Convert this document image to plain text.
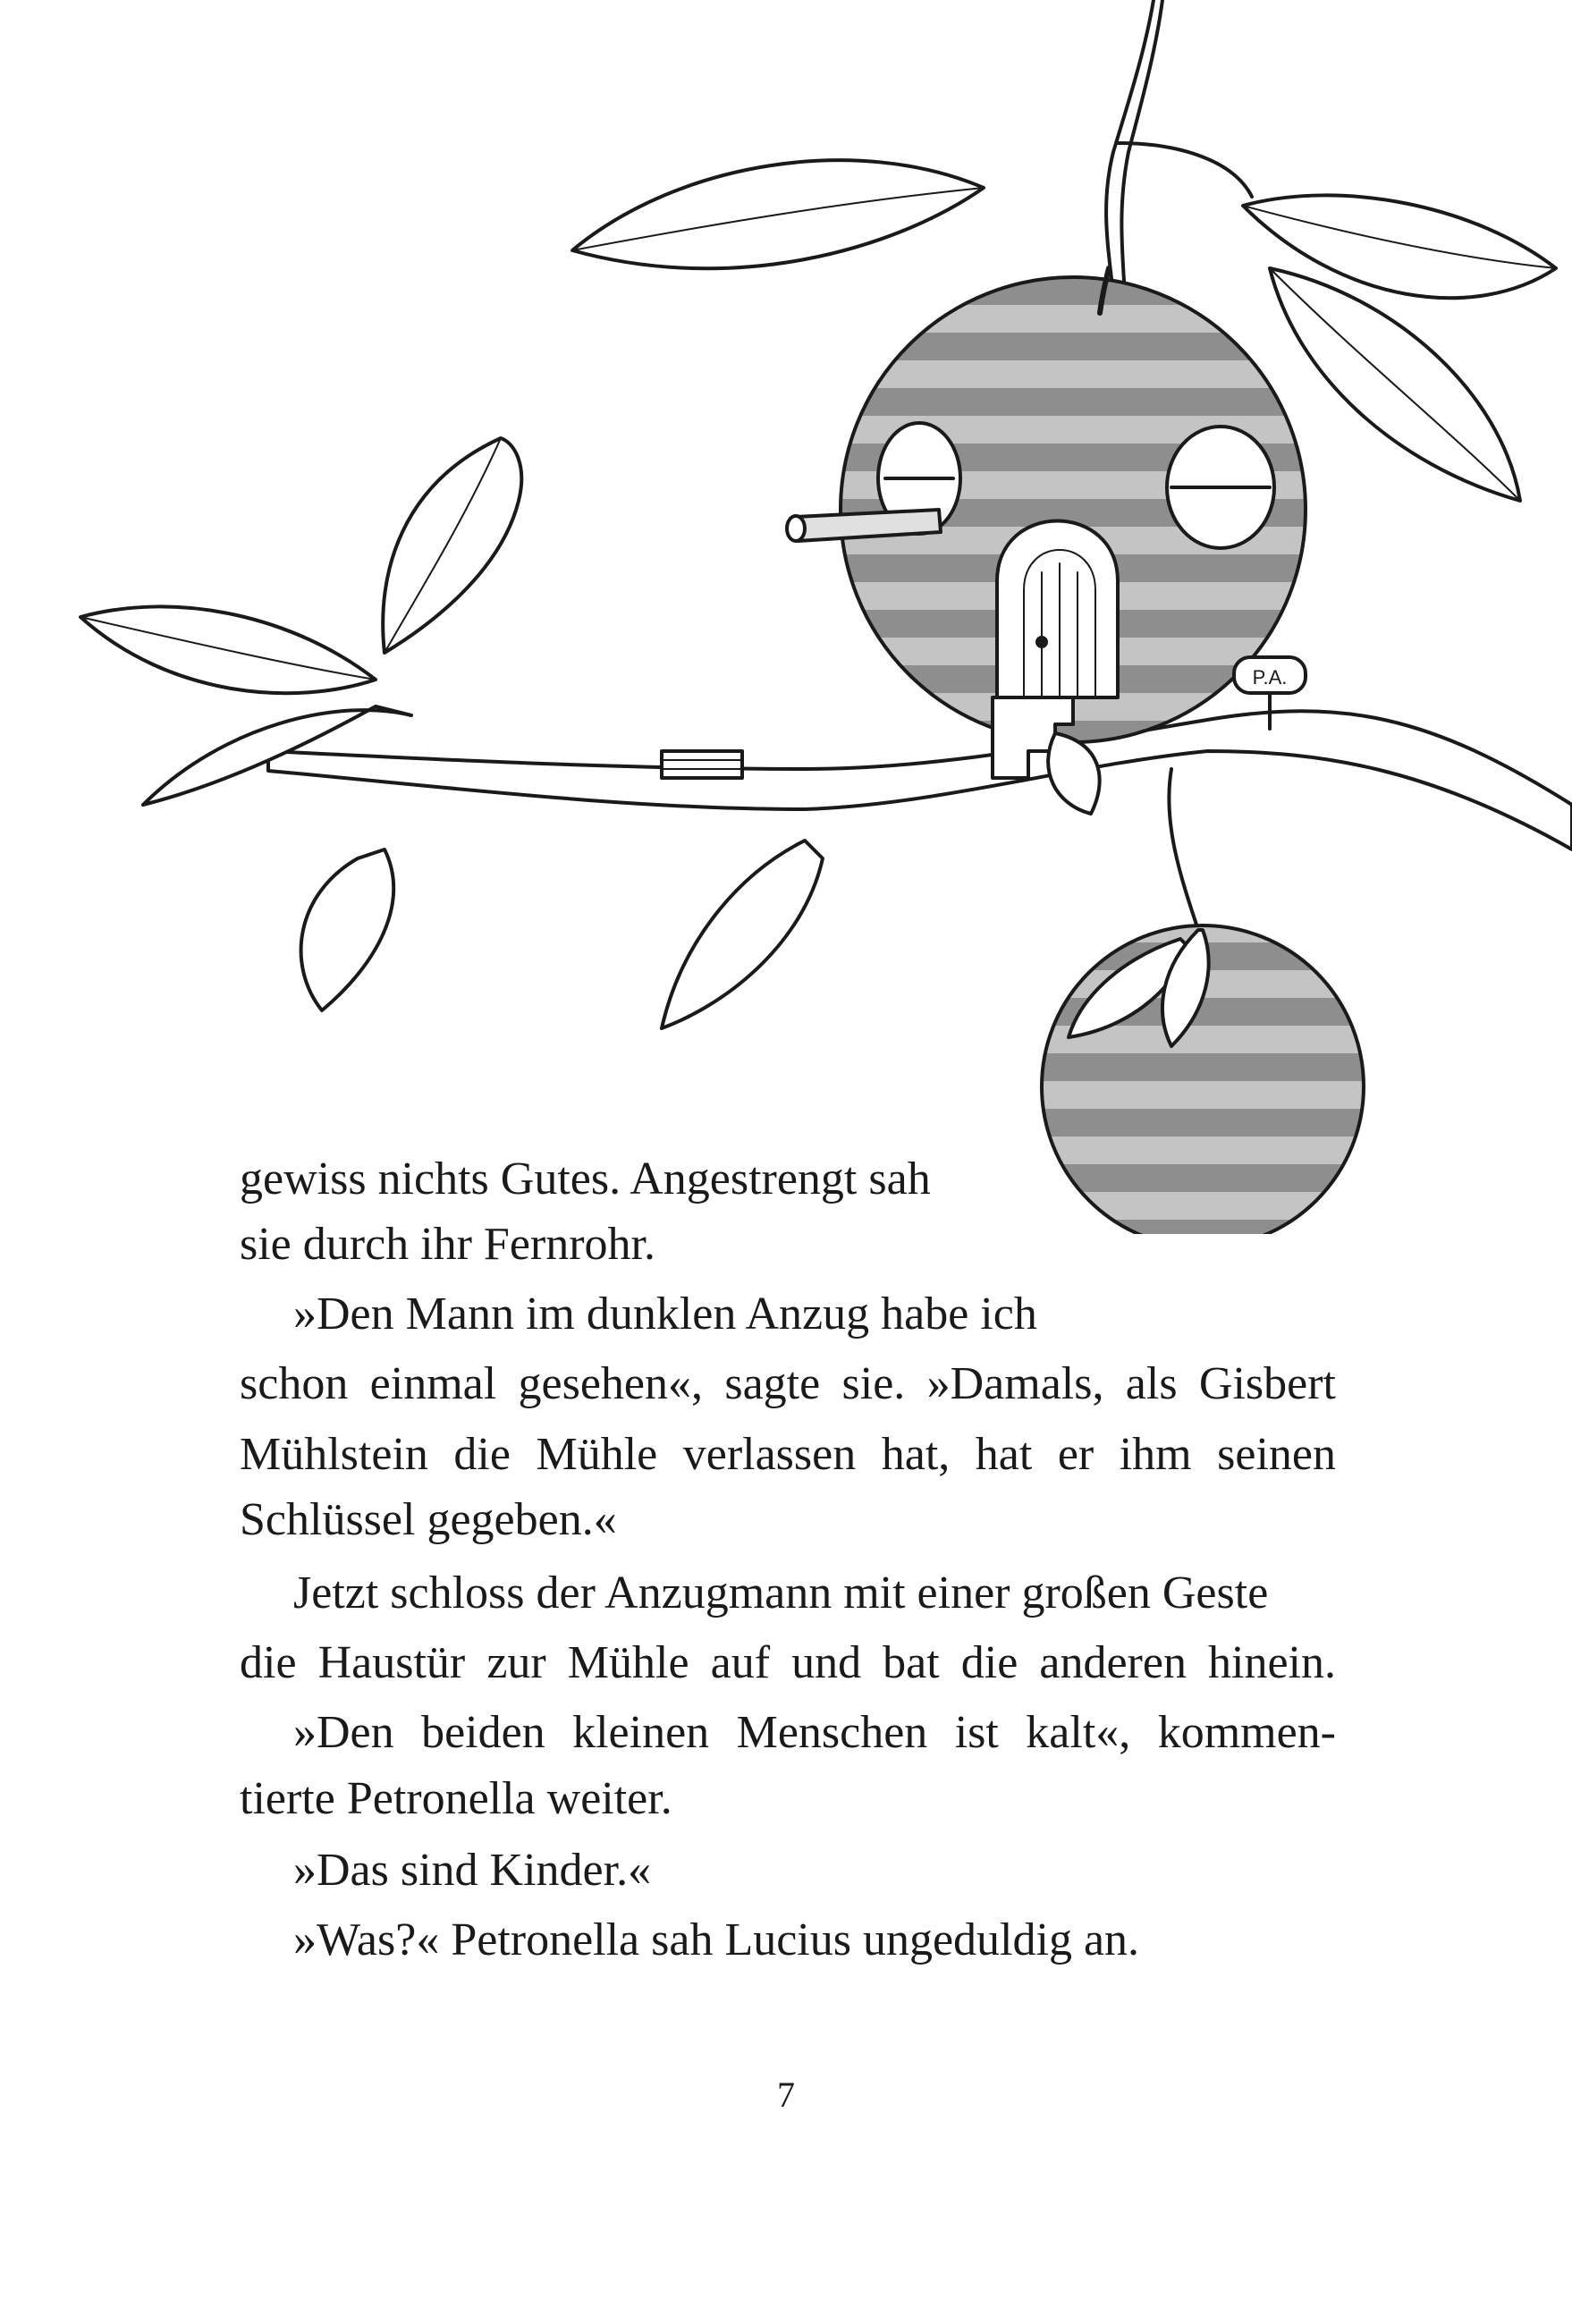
P.A.

gewiss nichts Gutes. Angestrengt sah

sie durch ihr Fernrohr.

»Den Mann im dunklen Anzug habe ich

schon einmal gesehen«, sagte sie. »Damals, als Gisbert

Mühlstein die Mühle verlassen hat, hat er ihm seinen

Schlüssel gegeben.«

Jetzt schloss der Anzugmann mit einer großen Geste

die Haustür zur Mühle auf und bat die anderen hinein.

»Den beiden kleinen Menschen ist kalt«, kommen-

tierte Petronella weiter.

»Das sind Kinder.«

»Was?« Petronella sah Lucius ungeduldig an.

7
